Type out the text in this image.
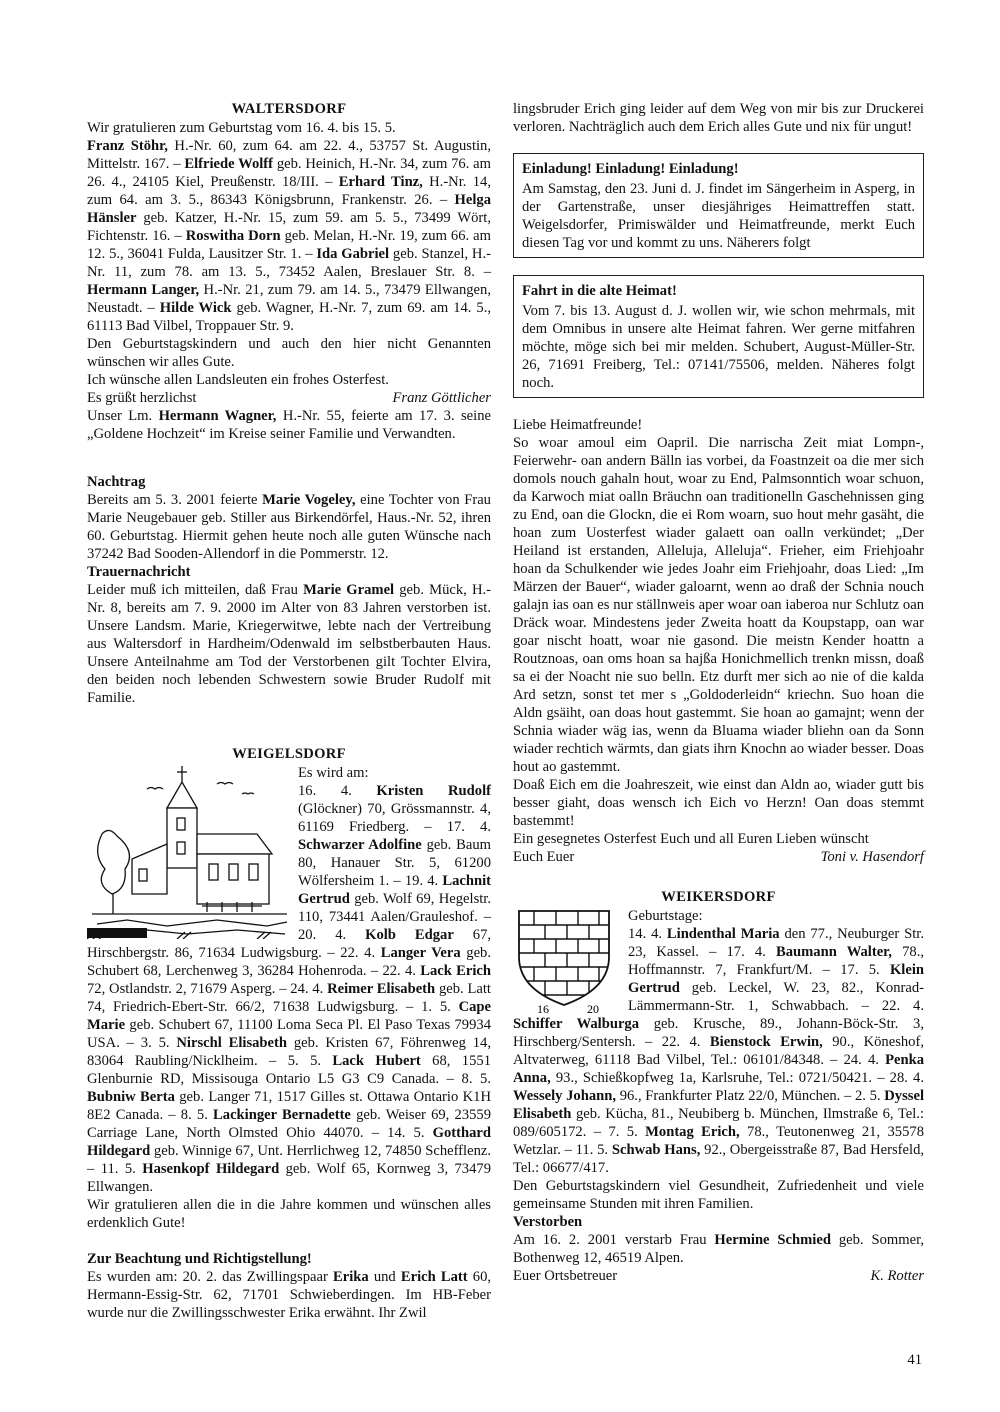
WALTERSDORF

Wir gratulieren zum Geburtstag vom 16. 4. bis 15. 5.

Franz Stöhr, H.-Nr. 60, zum 64. am 22. 4., 53757 St. Augustin, Mittelstr. 167. – Elfriede Wolff geb. Heinich, H.-Nr. 34, zum 76. am 26. 4., 24105 Kiel, Preußenstr. 18/III. – Erhard Tinz, H.-Nr. 14, zum 64. am 3. 5., 86343 Königsbrunn, Frankenstr. 26. – Helga Hänsler geb. Katzer, H.-Nr. 15, zum 59. am 5. 5., 73499 Wört, Fichtenstr. 16. – Roswitha Dorn geb. Melan, H.-Nr. 19, zum 66. am 12. 5., 36041 Fulda, Lausitzer Str. 1. – Ida Gabriel geb. Stanzel, H.-Nr. 11, zum 78. am 13. 5., 73452 Aalen, Breslauer Str. 8. – Hermann Langer, H.-Nr. 21, zum 79. am 14. 5., 73479 Ellwangen, Neustadt. – Hilde Wick geb. Wagner, H.-Nr. 7, zum 69. am 14. 5., 61113 Bad Vilbel, Troppauer Str. 9.

Den Geburtstagskindern und auch den hier nicht Genannten wünschen wir alles Gute.

Ich wünsche allen Landsleuten ein frohes Osterfest.

Es grüßt herzlichst	Franz Göttlicher

Unser Lm. Hermann Wagner, H.-Nr. 55, feierte am 17. 3. seine „Goldene Hochzeit“ im Kreise seiner Familie und Verwandten.

Nachtrag

Bereits am 5. 3. 2001 feierte Marie Vogeley, eine Tochter von Frau Marie Neugebauer geb. Stiller aus Birkendörfel, Haus.-Nr. 52, ihren 60. Geburtstag. Hiermit gehen heute noch alle guten Wünsche nach 37242 Bad Sooden-Allendorf in die Pommerstr. 12.

Trauernachricht

Leider muß ich mitteilen, daß Frau Marie Gramel geb. Mück, H.-Nr. 8, bereits am 7. 9. 2000 im Alter von 83 Jahren verstorben ist. Unsere Landsm. Marie, Kriegerwitwe, lebte nach der Vertreibung aus Waltersdorf in Hardheim/Odenwald im selbstberbauten Haus. Unsere Anteilnahme am Tod der Verstorbenen gilt Tochter Elvira, den beiden noch lebenden Schwestern sowie Bruder Rudolf mit Familie.

WEIGELSDORF

Es wird am:

16. 4. Kristen Rudolf (Glöckner) 70, Grössmannstr. 4, 61169 Friedberg. – 17. 4. Schwarzer Adolfine geb. Baum 80, Hanauer Str. 5, 61200 Wölfersheim 1. – 19. 4. Lachnit Gertrud geb. Wolf 69, Hegelstr. 110, 73441 Aalen/Grauleshof. – 20. 4. Kolb Edgar 67, Hirschbergstr. 86, 71634 Ludwigsburg. – 22. 4. Langer Vera geb. Schubert 68, Lerchenweg 3, 36284 Hohenroda. – 22. 4. Lack Erich 72, Ostlandstr. 2, 71679 Asperg. – 24. 4. Reimer Elisabeth geb. Latt 74, Friedrich-Ebert-Str. 66/2, 71638 Ludwigsburg. – 1. 5. Cape Marie geb. Schubert 67, 11100 Loma Seca Pl. El Paso Texas 79934 USA. – 3. 5. Nirschl Elisabeth geb. Kristen 67, Föhrenweg 14, 83064 Raubling/Nicklheim. – 5. 5. Lack Hubert 68, 1551 Glenburnie RD, Missisouga Ontario L5 G3 C9 Canada. – 8. 5. Bubniw Berta geb. Langer 71, 1517 Gilles st. Ottawa Ontario K1H 8E2 Canada. – 8. 5. Lackinger Bernadette geb. Weiser 69, 23559 Carriage Lane, North Olmsted Ohio 44070. – 14. 5. Gotthard Hildegard geb. Winnige 67, Unt. Herrlichweg 12, 74850 Schefflenz. – 11. 5. Hasenkopf Hildegard geb. Wolf 65, Kornweg 3, 73479 Ellwangen.

Wir gratulieren allen die in die Jahre kommen und wünschen alles erdenklich Gute!

Zur Beachtung und Richtigstellung!

Es wurden am: 20. 2. das Zwillingspaar Erika und Erich Latt 60, Hermann-Essig-Str. 62, 71701 Schwieberdingen. Im HB-Feber wurde nur die Zwillingsschwester Erika erwähnt. Ihr Zwil

lingsbruder Erich ging leider auf dem Weg von mir bis zur Druckerei verloren. Nachträglich auch dem Erich alles Gute und nix für ungut!

Einladung! Einladung! Einladung!

Am Samstag, den 23. Juni d. J. findet im Sängerheim in Asperg, in der Gartenstraße, unser diesjähriges Heimattreffen statt. Weigelsdorfer, Primiswälder und Heimatfreunde, merkt Euch diesen Tag vor und kommt zu uns. Näherers folgt

Fahrt in die alte Heimat!

Vom 7. bis 13. August d. J. wollen wir, wie schon mehrmals, mit dem Omnibus in unsere alte Heimat fahren. Wer gerne mitfahren möchte, möge sich bei mir melden. Schubert, August-Müller-Str. 26, 71691 Freiberg, Tel.: 07141/75506, melden. Näheres folgt noch.

Liebe Heimatfreunde!

So woar amoul eim Oapril. Die narrischa Zeit miat Lompn-, Feierwehr- oan andern Bälln ias vorbei, da Foastnzeit oa die mer sich domols nouch gahaln hout, woar zu End, Palmsonntich woar schuon, da Karwoch miat oalln Bräuchn oan traditionelln Gaschehnissen ging zu End, oan die Glockn, die ei Rom woarn, suo hout mehr gasäht, die hoan zum Uosterfest wiader galaett oan oalln verkündet; „Der Heiland ist erstanden, Alleluja, Alleluja“. Frieher, eim Friehjoahr hoan da Schulkender wie jedes Joahr eim Friehjoahr, doas Lied: „Im Märzen der Bauer“, wiader galoarnt, wenn ao draß der Schnia nouch galajn ias oan es nur ställnweis aper woar oan iaberoa nur Schlutz oan Dräck woar. Mindestens jeder Zweita hoatt da Koupstapp, oan war goar nischt hoatt, woar nie gasond. Die meistn Kender hoattn a Routznoas, oan oms hoan sa hajßa Honichmellich trenkn missn, doaß sa ei der Noacht nie suo belln. Etz durft mer sich ao nie of die kalda Ard setzn, sonst tet mer s „Goldoderleidn“ kriechn. Suo hoan die Aldn gsäiht, oan doas hout gastemmt. Sie hoan ao gamajnt; wenn der Schnia wiader wäg ias, wenn da Bluama wiader bliehn oan da Sonn wiader rechtich wärmts, dan giats ihrn Knochn ao wiader besser. Doas hout ao gastemmt.

Doaß Eich em die Joahreszeit, wie einst dan Aldn ao, wiader gutt bis besser giaht, doas wensch ich Eich vo Herzn! Oan doas stemmt bastemmt!

Ein gesegnetes Osterfest Euch und all Euren Lieben wünscht

Euch Euer	Toni v. Hasendorf
WEIKERSDORF
16	20

Geburtstage:

14. 4. Lindenthal Maria den 77., Neuburger Str. 23, Kassel. – 17. 4. Baumann Walter, 78., Hoffmannstr. 7, Frankfurt/M. – 17. 5. Klein Gertrud geb. Leckel, W. 23, 82., Konrad-Lämmermann-Str. 1, Schwabbach. – 22. 4. Schiffer Walburga geb. Krusche, 89., Johann-Böck-Str. 3, Hirschberg/Sentersh. – 22. 4. Bienstock Erwin, 90., Köneshof, Altvaterweg, 61118 Bad Vilbel, Tel.: 06101/84348. – 24. 4. Penka Anna, 93., Schießkopfweg 1a, Karlsruhe, Tel.: 0721/50421. – 28. 4. Wessely Johann, 96., Frankfurter Platz 22/0, München. – 2. 5. Dyssel Elisabeth geb. Küchа, 81., Neubiberg b. München, Ilmstraße 6, Tel.: 089/605172. – 7. 5. Montag Erich, 78., Teutonenweg 21, 35578 Wetzlar. – 11. 5. Schwab Hans, 92., Obergeisstraße 87, Bad Hersfeld, Tel.: 06677/417.

Den Geburtstagskindern viel Gesundheit, Zufriedenheit und viele gemeinsame Stunden mit ihren Familien.

Verstorben

Am 16. 2. 2001 verstarb Frau Hermine Schmied geb. Sommer, Bothenweg 12, 46519 Alpen.

Euer Ortsbetreuer	K. Rotter
41
